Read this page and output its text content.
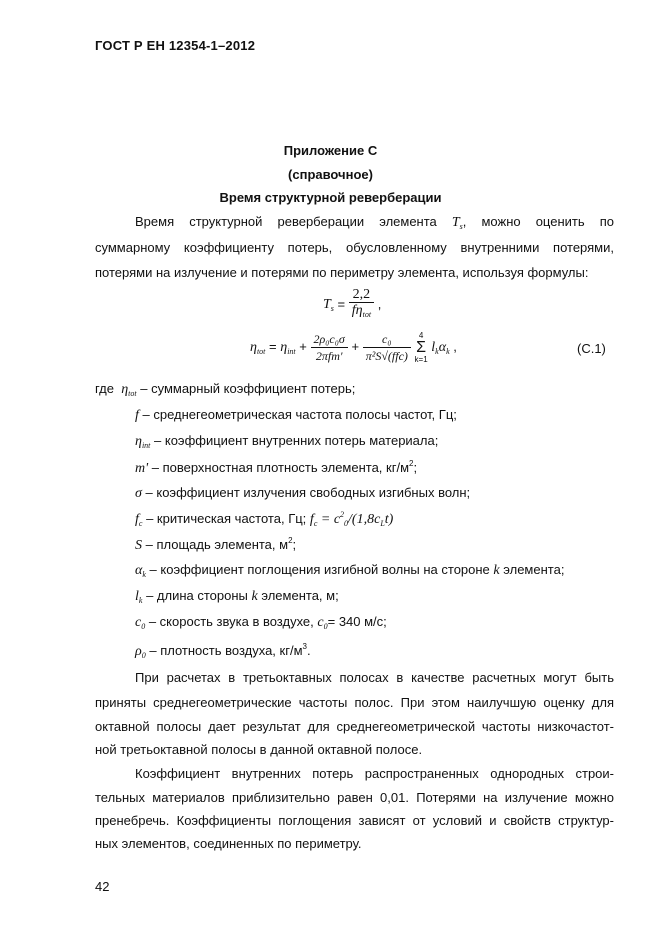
ГОСТ Р ЕН 12354-1–2012
Приложение С
(справочное)
Время структурной реверберации
Время структурной реверберации элемента $T_s$, можно оценить по
суммарному коэффициенту потерь, обусловленному внутренними потерями,
потерями на излучение и потерями по периметру элемента, используя формулы:
$T_s = \frac{2,2}{f\eta_{tot}}$ ,
$\eta_{tot} = \eta_{int} + \frac{\text{2ρ₀c₀σ}}{\text{2πfm'}} + \frac{\text{c₀}}{\text{π²S√(ffc)}}$
4
Σ
k=1
$l_k\alpha_k$ ,	(C.1)
где $\eta_{tot}$ – суммарный коэффициент потерь;
f – среднегеометрическая частота полосы частот, Гц;
$\eta_{int}$ – коэффициент внутренних потерь материала;
m' – поверхностная плотность элемента, $кг/м^2$;
σ – коэффициент излучения свободных изгибных волн;
$f_c$ – критическая частота, Гц; $f_c = c^2_0/(1,8c_Lt)$
S – площадь элемента, $м^2$;
$\alpha_k$ – коэффициент поглощения изгибной волны на стороне k элемента;
$l_k$ – длина стороны k элемента, м;
$c_0$ – скорость звука в воздухе, $c_0= 340$ м/с;
$\rho_0$ – плотность воздуха, $кг/м^3$.
При расчетах в третьоктавных полосах в качестве расчетных могут быть
приняты среднегеометрические частоты полос. При этом наилучшую оценку для
октавной полосы дает результат для среднегеометрической частоты низкочастот-
ной третьоктавной полосы в данной октавной полосе.
Коэффициент внутренних потерь распространенных однородных строи-
тельных материалов приблизительно равен 0,01. Потерями на излучение можно
пренебречь. Коэффициенты поглощения зависят от условий и свойств структур-
ных элементов, соединенных по периметру.
42
